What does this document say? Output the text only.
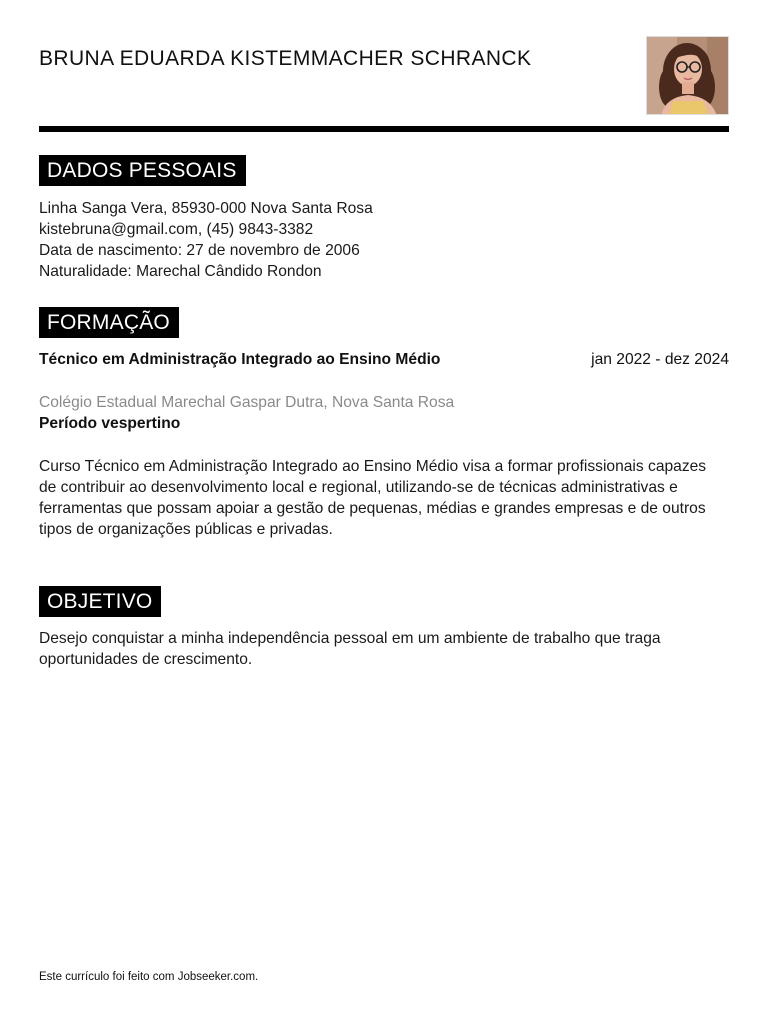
BRUNA EDUARDA KISTEMMACHER SCHRANCK
DADOS PESSOAIS
Linha Sanga Vera, 85930-000 Nova Santa Rosa
kistebruna@gmail.com, (45) 9843-3382
Data de nascimento: 27 de novembro de 2006
Naturalidade: Marechal Cândido Rondon
FORMAÇÃO
Técnico em Administração Integrado ao Ensino Médio	jan 2022 - dez 2024
Colégio Estadual Marechal Gaspar Dutra, Nova Santa Rosa
Período vespertino
Curso Técnico em Administração Integrado ao Ensino Médio visa a formar profissionais capazes de contribuir ao desenvolvimento local e regional, utilizando-se de técnicas administrativas e ferramentas que possam apoiar a gestão de pequenas, médias e grandes empresas e de outros tipos de organizações públicas e privadas.
OBJETIVO
Desejo conquistar a minha independência pessoal em um ambiente de trabalho que traga oportunidades de crescimento.
Este currículo foi feito com Jobseeker.com.
